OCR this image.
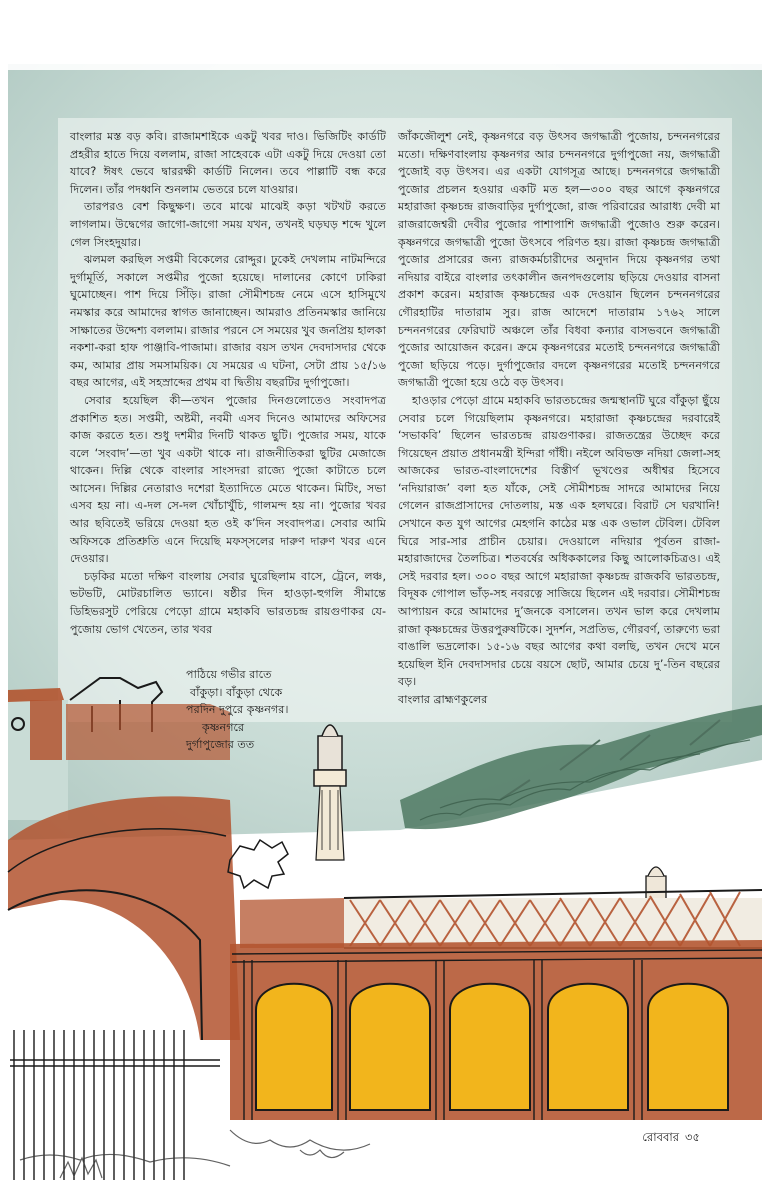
বাংলার মস্ত বড় কবি। রাজামশাইকে একটু খবর দাও। ভিজিটিং কার্ডটি প্রহরীর হাতে দিয়ে বললাম, রাজা সাহেবকে এটা একটু দিয়ে দেওয়া তো যাবে? ঈষৎ ভেবে দ্বাররক্ষী কার্ডটি নিলেন। তবে পাল্লাটি বন্ধ করে দিলেন। তাঁর পদধ্বনি শুনলাম ভেতরে চলে যাওয়ার।

তারপরও বেশ কিছুক্ষণ। তবে মাঝে মাঝেই কড়া খটখট করতে লাগলাম। উদ্বেগের জাগো-জাগো সময় যখন, তখনই ঘড়ঘড় শব্দে খুলে গেল সিংহদুয়ার।

ঝলমল করছিল সপ্তমী বিকেলের রোদ্দুর। ঢুকেই দেখলাম নাটমন্দিরে দুর্গামূর্তি, সকালে সপ্তমীর পুজো হয়েছে। দালানের কোণে ঢাকিরা ঘুমোচ্ছেন। পাশ দিয়ে সিঁড়ি। রাজা সৌমীশচন্দ্র নেমে এসে হাসিমুখে নমস্কার করে আমাদের স্বাগত জানাচ্ছেন। আমরাও প্রতিনমস্কার জানিয়ে সাক্ষাতের উদ্দেশ্য বললাম। রাজার পরনে সে সময়ের খুব জনপ্রিয় হালকা নকশা-করা হাফ পাঞ্জাবি-পাজামা। রাজার বয়স তখন দেবদাসদার থেকে কম, আমার প্রায় সমসাময়িক। যে সময়ের এ ঘটনা, সেটা প্রায় ১৫/১৬ বছর আগের, এই সহস্রাব্দের প্রথম বা দ্বিতীয় বছরটির দুর্গাপুজো।

সেবার হয়েছিল কী—তখন পুজোর দিনগুলোতেও সংবাদপত্র প্রকাশিত হত। সপ্তমী, অষ্টমী, নবমী এসব দিনেও আমাদের অফিসের কাজ করতে হত। শুধু দশমীর দিনটি থাকত ছুটি। পুজোর সময়, যাকে বলে ‘সংবাদ’—তা খুব একটা থাকে না। রাজনীতিকরা ছুটির মেজাজে থাকেন। দিল্লি থেকে বাংলার সাংসদরা রাজ্যে পুজো কাটাতে চলে আসেন। দিল্লির নেতারাও দশেরা ইত্যাদিতে মেতে থাকেন। মিটিং, সভা এসব হয় না। এ-দল সে-দল খোঁচাখুঁচি, গালমন্দ হয় না। পুজোর খবর আর ছবিতেই ভরিয়ে দেওয়া হত ওই ক’দিন সংবাদপত্র। সেবার আমি অফিসকে প্রতিশ্রুতি এনে দিয়েছি মফস্সলের দারুণ দারুণ খবর এনে দেওয়ার।

চড়কির মতো দক্ষিণ বাংলায় সেবার ঘুরেছিলাম বাসে, ট্রেনে, লঞ্চ, ভটভটি, মোটরচালিত ভ্যানে। ষষ্ঠীর দিন হাওড়া-হুগলি সীমান্তে ডিহিভরসুট পেরিয়ে পেড়ো গ্রামে মহাকবি ভারতচন্দ্র রায়গুণাকর যে-পুজোয় ভোগ খেতেন, তার খবর

পাঠিয়ে গভীর রাতে
বাঁকুড়া। বাঁকুড়া থেকে
পরদিন দুপুরে কৃষ্ণনগর।
কৃষ্ণনগরে
দুর্গাপুজোর তত

জাঁকজৌলুশ নেই, কৃষ্ণনগরে বড় উৎসব জগদ্ধাত্রী পুজোয়, চন্দননগরের মতো। দক্ষিণবাংলায় কৃষ্ণনগর আর চন্দননগরে দুর্গাপুজো নয়, জগদ্ধাত্রী পুজোই বড় উৎসব। এর একটা যোগসূত্র আছে। চন্দননগরে জগদ্ধাত্রী পুজোর প্রচলন হওয়ার একটি মত হল—৩০০ বছর আগে কৃষ্ণনগরে মহারাজা কৃষ্ণচন্দ্র রাজবাড়ির দুর্গাপুজো, রাজ পরিবারের আরাধ্য দেবী মা রাজরাজেশ্বরী দেবীর পুজোর পাশাপাশি জগদ্ধাত্রী পুজোও শুরু করেন। কৃষ্ণনগরে জগদ্ধাত্রী পুজো উৎসবে পরিণত হয়। রাজা কৃষ্ণচন্দ্র জগদ্ধাত্রী পুজোর প্রসারের জন্য রাজকর্মচারীদের অনুদান দিয়ে কৃষ্ণনগর তথা নদিয়ার বাইরে বাংলার তৎকালীন জনপদগুলোয় ছড়িয়ে দেওয়ার বাসনা প্রকাশ করেন। মহারাজ কৃষ্ণচন্দ্রের এক দেওয়ান ছিলেন চন্দননগরের গৌরহাটির দাতারাম সুর। রাজ আদেশে দাতারাম ১৭৬২ সালে চন্দননগরের ফেরিঘাট অঞ্চলে তাঁর বিধবা কন্যার বাসভবনে জগদ্ধাত্রী পুজোর আয়োজন করেন। ক্রমে কৃষ্ণনগরের মতোই চন্দননগরে জগদ্ধাত্রী পুজো ছড়িয়ে পড়ে। দুর্গাপুজোর বদলে কৃষ্ণনগরের মতোই চন্দননগরে জগদ্ধাত্রী পুজো হয়ে ওঠে বড় উৎসব।

হাওড়ার পেড়ো গ্রামে মহাকবি ভারতচন্দ্রের জন্মস্থানটি ঘুরে বাঁকুড়া ছুঁয়ে সেবার চলে গিয়েছিলাম কৃষ্ণনগরে। মহারাজা কৃষ্ণচন্দ্রের দরবারেই ‘সভাকবি’ ছিলেন ভারতচন্দ্র রায়গুণাকর। রাজতন্ত্রের উচ্ছেদ করে গিয়েছেন প্রয়াত প্রধানমন্ত্রী ইন্দিরা গাঁধী। নইলে অবিভক্ত নদিয়া জেলা-সহ আজকের ভারত-বাংলাদেশের বিস্তীর্ণ ভূখণ্ডের অধীশ্বর হিসেবে ‘নদিয়ারাজ’ বলা হত যাঁকে, সেই সৌমীশচন্দ্র সাদরে আমাদের নিয়ে গেলেন রাজপ্রাসাদের দোতলায়, মস্ত এক হলঘরে। বিরাট সে ঘরখানি! সেখানে কত যুগ আগের মেহগনি কাঠের মস্ত এক ওভাল টেবিল। টেবিল ঘিরে সার-সার প্রাচীন চেয়ার। দেওয়ালে নদিয়ার পূর্বতন রাজা-মহারাজাদের তৈলচিত্র। শতবর্ষের অধিককালের কিছু আলোকচিত্রও। এই সেই দরবার হল। ৩০০ বছর আগে মহারাজা কৃষ্ণচন্দ্র রাজকবি ভারতচন্দ্র, বিদূষক গোপাল ভাঁড়-সহ নবরত্নে সাজিয়ে ছিলেন এই দরবার। সৌমীশচন্দ্র আপ্যায়ন করে আমাদের দু’জনকে বসালেন। তখন ভাল করে দেখলাম রাজা কৃষ্ণচন্দ্রের উত্তরপুরুষটিকে। সুদর্শন, সপ্রতিভ, গৌরবর্ণ, তারুণ্যে ভরা বাঙালি ভদ্রলোক। ১৫-১৬ বছর আগের কথা বলছি, তখন দেখে মনে হয়েছিল ইনি দেবদাসদার চেয়ে বয়সে ছোট, আমার চেয়ে দু’-তিন বছরের বড়।

বাংলার ব্রাহ্মণকুলের

রোববার ৩৫
